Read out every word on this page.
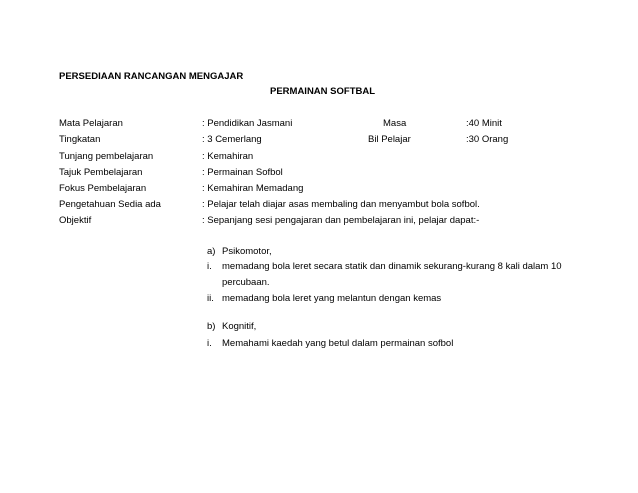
PERSEDIAAN RANCANGAN MENGAJAR
PERMAINAN SOFTBAL
Mata Pelajaran	: Pendidikan Jasmani	Masa	:40 Minit
Tingkatan	: 3 Cemerlang	Bil Pelajar	:30 Orang
Tunjang pembelajaran	: Kemahiran
Tajuk Pembelajaran	: Permainan Sofbol
Fokus Pembelajaran	: Kemahiran Memadang
Pengetahuan Sedia ada	: Pelajar telah diajar asas membaling dan menyambut bola sofbol.
Objektif	: Sepanjang sesi pengajaran dan pembelajaran ini, pelajar dapat:-
a) Psikomotor,
i. memadang bola leret secara statik dan dinamik sekurang-kurang 8 kali dalam 10
percubaan.
ii. memadang bola leret yang melantun dengan kemas
b) Kognitif,
i. Memahami kaedah yang betul dalam permainan sofbol
